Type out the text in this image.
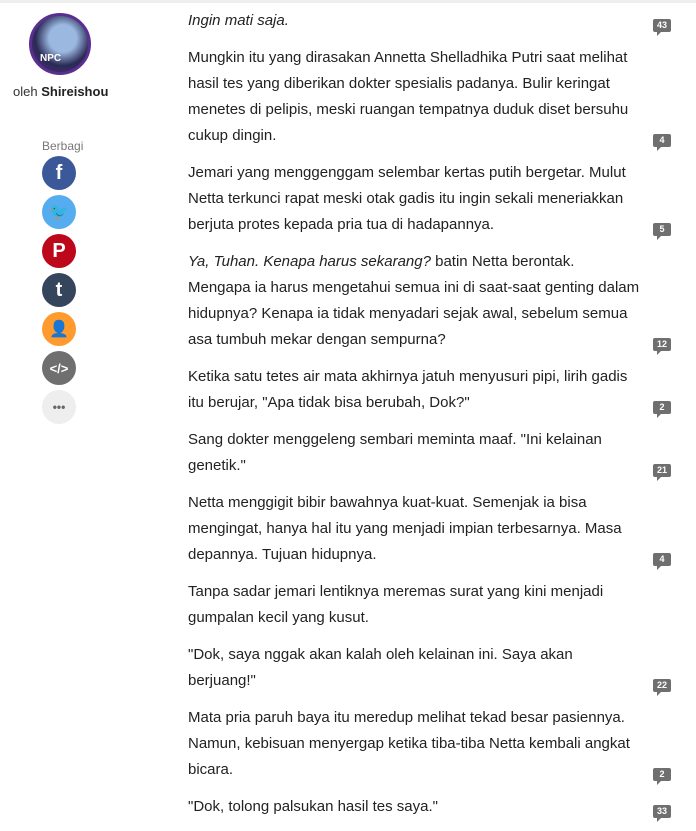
NPC
oleh Shireishou
Berbagi
f
🐦
P
t
👤
</>
•••

Ingin mati saja.	43

Mungkin itu yang dirasakan Annetta Shelladhika Putri saat melihat hasil tes yang diberikan dokter spesialis padanya. Bulir keringat menetes di pelipis, meski ruangan tempatnya duduk diset bersuhu cukup dingin.	4

Jemari yang menggenggam selembar kertas putih bergetar. Mulut Netta terkunci rapat meski otak gadis itu ingin sekali meneriakkan berjuta protes kepada pria tua di hadapannya.	5

Ya, Tuhan. Kenapa harus sekarang? batin Netta berontak. Mengapa ia harus mengetahui semua ini di saat-saat genting dalam hidupnya? Kenapa ia tidak menyadari sejak awal, sebelum semua asa tumbuh mekar dengan sempurna?	12

Ketika satu tetes air mata akhirnya jatuh menyusuri pipi, lirih gadis itu berujar, "Apa tidak bisa berubah, Dok?"	2

Sang dokter menggeleng sembari meminta maaf. "Ini kelainan genetik."	21

Netta menggigit bibir bawahnya kuat-kuat. Semenjak ia bisa mengingat, hanya hal itu yang menjadi impian terbesarnya. Masa depannya. Tujuan hidupnya.	4

Tanpa sadar jemari lentiknya meremas surat yang kini menjadi gumpalan kecil yang kusut.

"Dok, saya nggak akan kalah oleh kelainan ini. Saya akan berjuang!"	22

Mata pria paruh baya itu meredup melihat tekad besar pasiennya. Namun, kebisuan menyergap ketika tiba-tiba Netta kembali angkat bicara.	2

"Dok, tolong palsukan hasil tes saya."	33
